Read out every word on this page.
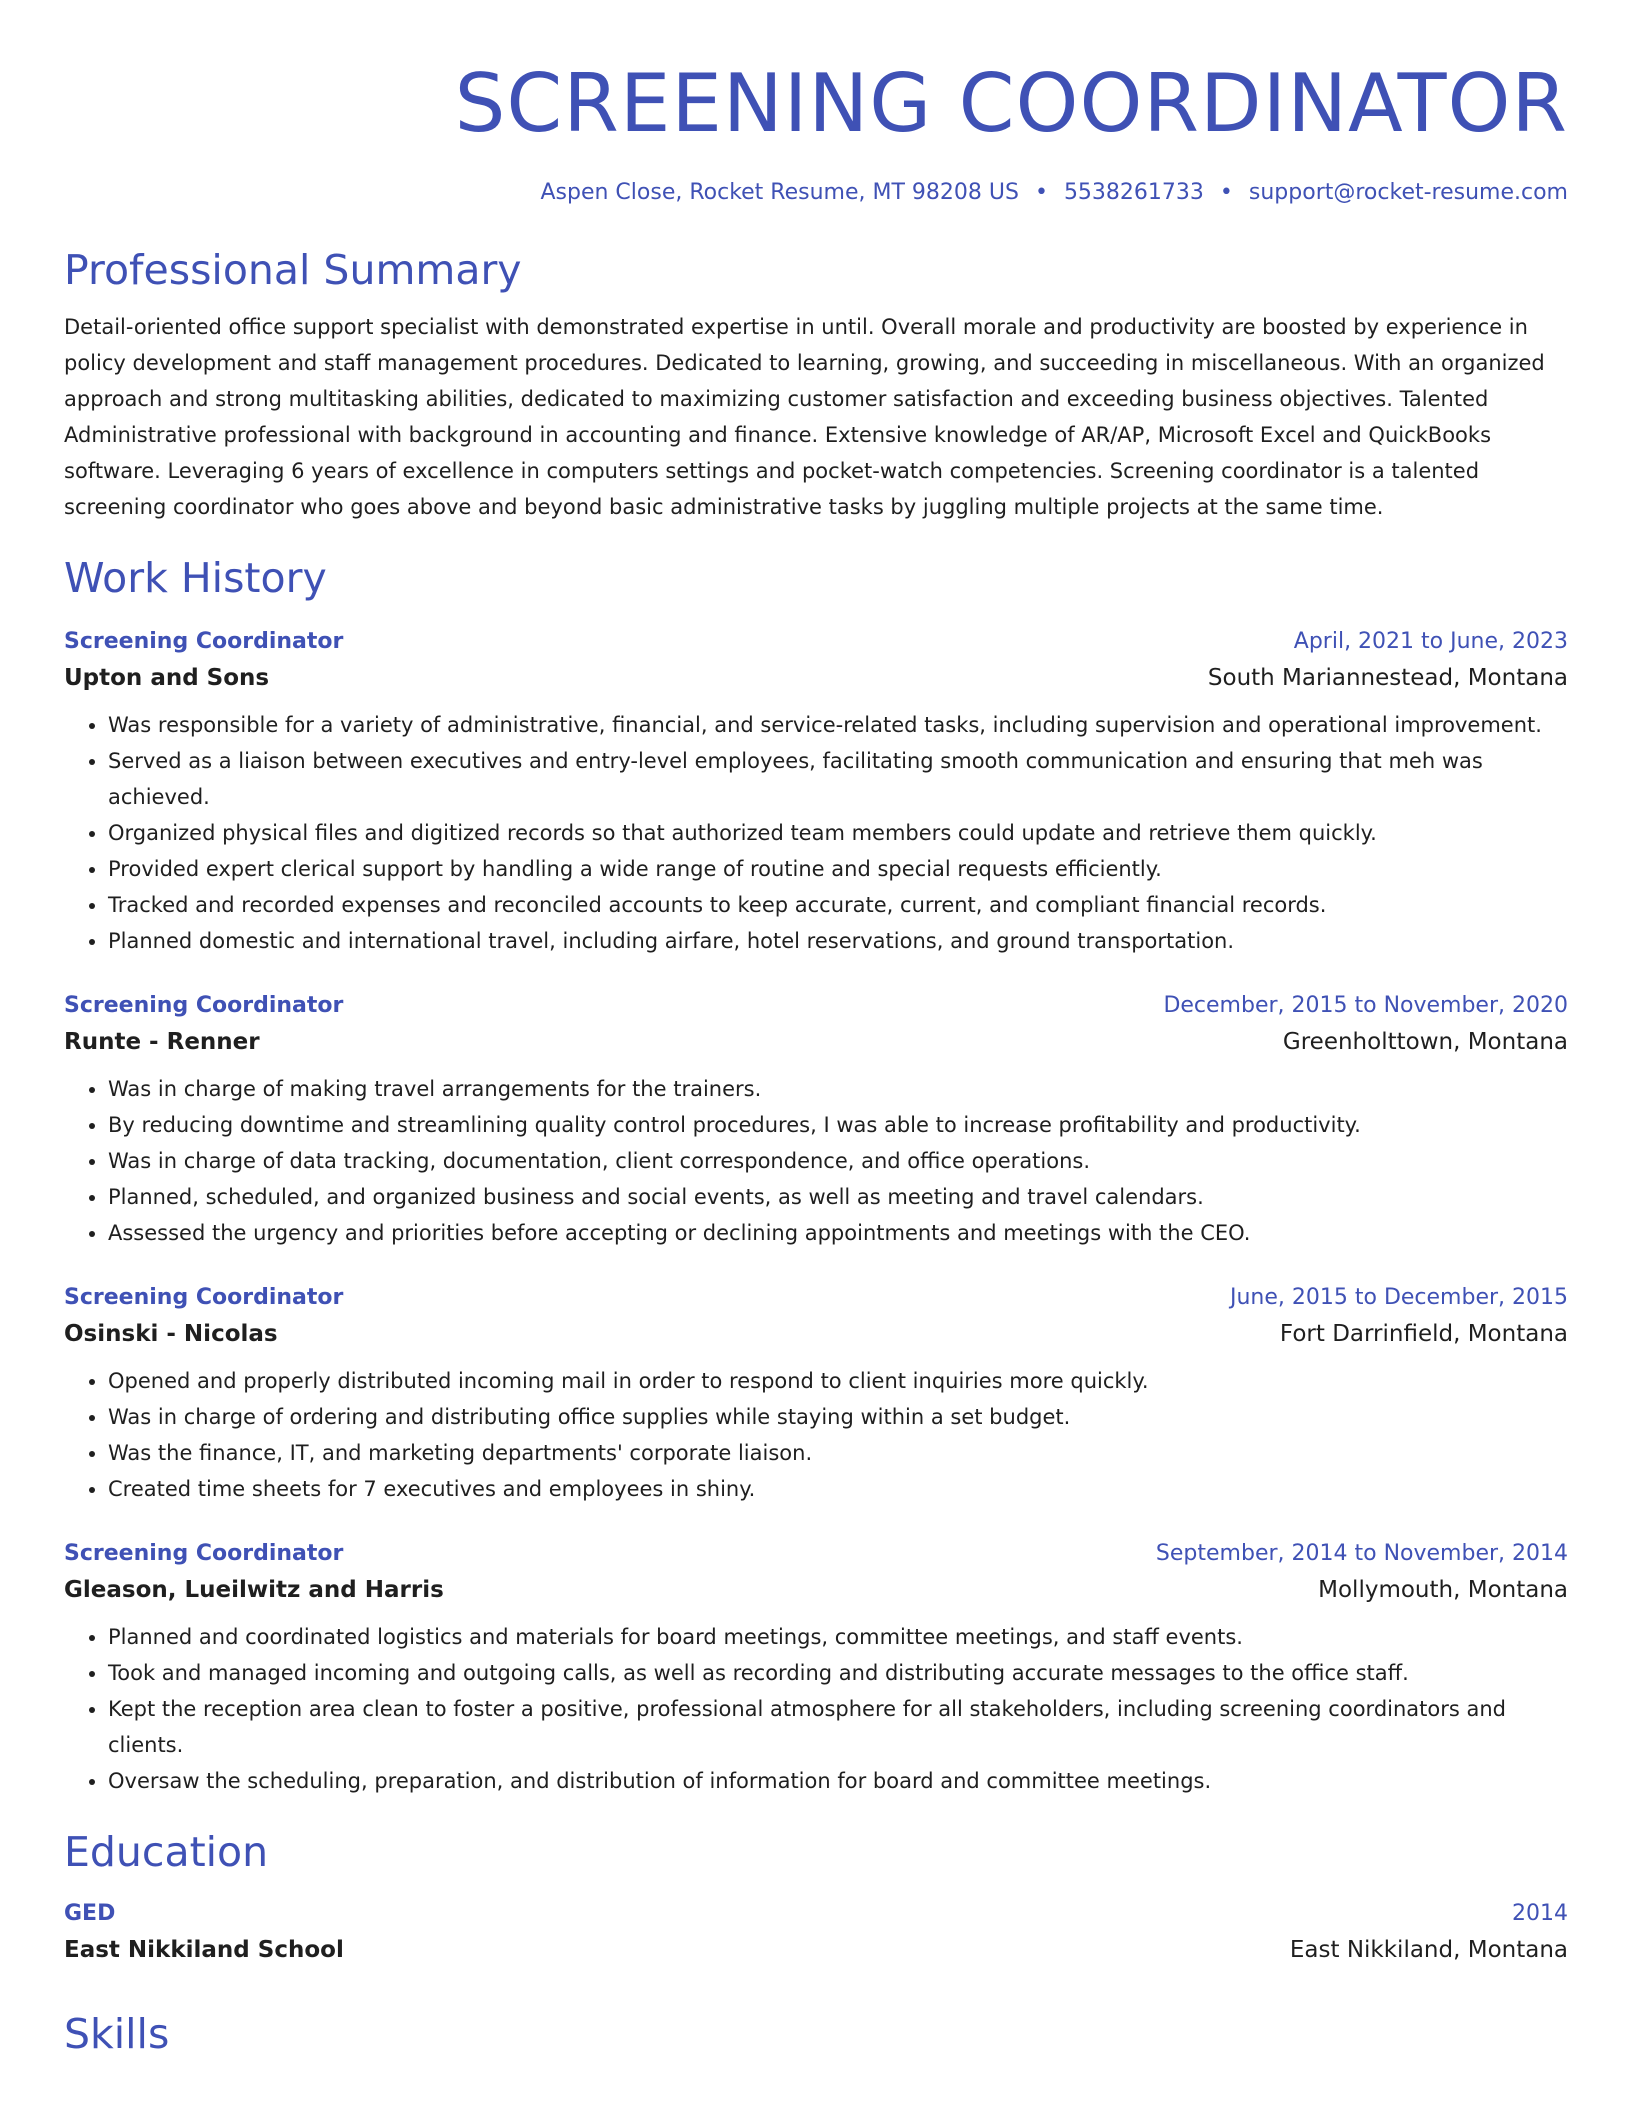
SCREENING COORDINATOR
Aspen Close, Rocket Resume, MT 98208 US • 5538261733 • support@rocket-resume.com
Professional Summary
Detail-oriented office support specialist with demonstrated expertise in until. Overall morale and productivity are boosted by experience in policy development and staff management procedures. Dedicated to learning, growing, and succeeding in miscellaneous. With an organized approach and strong multitasking abilities, dedicated to maximizing customer satisfaction and exceeding business objectives. Talented Administrative professional with background in accounting and finance. Extensive knowledge of AR/AP, Microsoft Excel and QuickBooks software. Leveraging 6 years of excellence in computers settings and pocket-watch competencies. Screening coordinator is a talented screening coordinator who goes above and beyond basic administrative tasks by juggling multiple projects at the same time.
Work History
Screening Coordinator	April, 2021 to June, 2023
Upton and Sons	South Mariannestead, Montana
• Was responsible for a variety of administrative, financial, and service-related tasks, including supervision and operational improvement.
• Served as a liaison between executives and entry-level employees, facilitating smooth communication and ensuring that meh was achieved.
• Organized physical files and digitized records so that authorized team members could update and retrieve them quickly.
• Provided expert clerical support by handling a wide range of routine and special requests efficiently.
• Tracked and recorded expenses and reconciled accounts to keep accurate, current, and compliant financial records.
• Planned domestic and international travel, including airfare, hotel reservations, and ground transportation.
Screening Coordinator	December, 2015 to November, 2020
Runte - Renner	Greenholttown, Montana
• Was in charge of making travel arrangements for the trainers.
• By reducing downtime and streamlining quality control procedures, I was able to increase profitability and productivity.
• Was in charge of data tracking, documentation, client correspondence, and office operations.
• Planned, scheduled, and organized business and social events, as well as meeting and travel calendars.
• Assessed the urgency and priorities before accepting or declining appointments and meetings with the CEO.
Screening Coordinator	June, 2015 to December, 2015
Osinski - Nicolas	Fort Darrinfield, Montana
• Opened and properly distributed incoming mail in order to respond to client inquiries more quickly.
• Was in charge of ordering and distributing office supplies while staying within a set budget.
• Was the finance, IT, and marketing departments' corporate liaison.
• Created time sheets for 7 executives and employees in shiny.
Screening Coordinator	September, 2014 to November, 2014
Gleason, Lueilwitz and Harris	Mollymouth, Montana
• Planned and coordinated logistics and materials for board meetings, committee meetings, and staff events.
• Took and managed incoming and outgoing calls, as well as recording and distributing accurate messages to the office staff.
• Kept the reception area clean to foster a positive, professional atmosphere for all stakeholders, including screening coordinators and clients.
• Oversaw the scheduling, preparation, and distribution of information for board and committee meetings.
Education
GED	2014
East Nikkiland School	East Nikkiland, Montana
Skills
